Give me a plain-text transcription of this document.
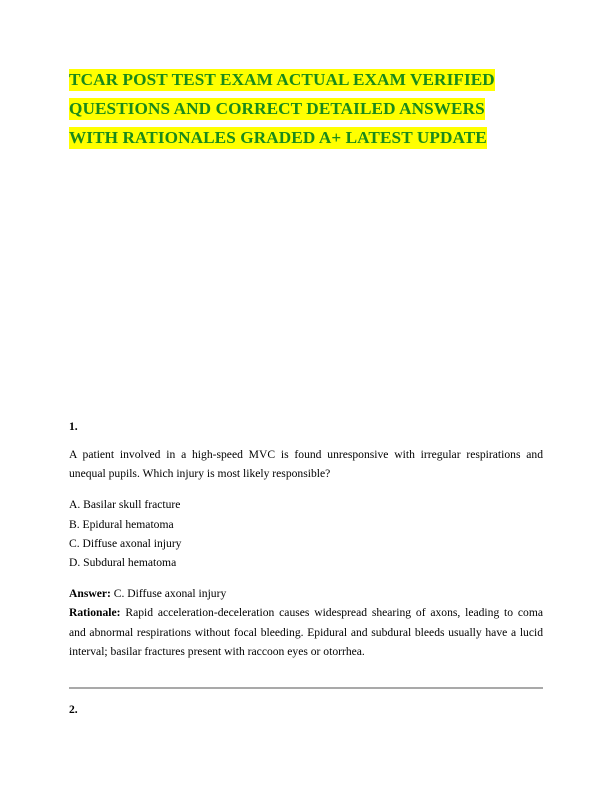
TCAR POST TEST EXAM ACTUAL EXAM VERIFIED
QUESTIONS AND CORRECT DETAILED ANSWERS
WITH RATIONALES GRADED A+ LATEST UPDATE

1.

A patient involved in a high-speed MVC is found unresponsive with irregular respirations and unequal pupils. Which injury is most likely responsible?

A. Basilar skull fracture
B. Epidural hematoma
C. Diffuse axonal injury
D. Subdural hematoma

Answer: C. Diffuse axonal injury

Rationale: Rapid acceleration-deceleration causes widespread shearing of axons, leading to coma and abnormal respirations without focal bleeding. Epidural and subdural bleeds usually have a lucid interval; basilar fractures present with raccoon eyes or otorrhea.

2.
